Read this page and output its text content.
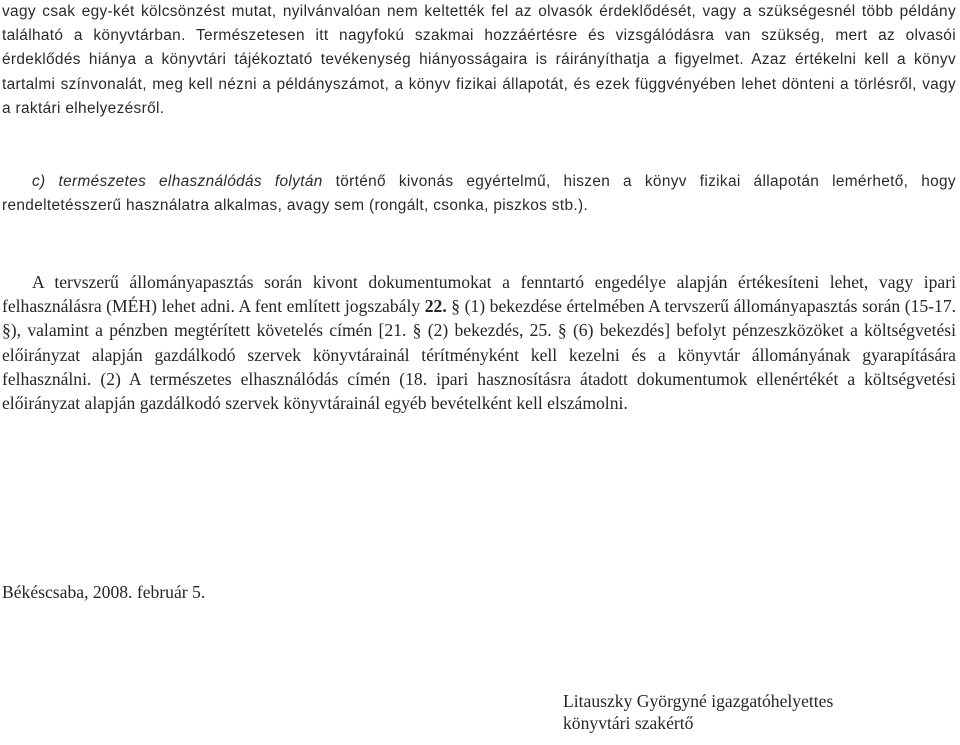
vagy csak egy-két kölcsönzést mutat, nyilvánvalóan nem keltették fel az olvasók érdeklődését, vagy a szükségesnél több példány található a könyvtárban. Természetesen itt nagyfokú szakmai hozzáértésre és vizsgálódásra van szükség, mert az olvasói érdeklődés hiánya a könyvtári tájékoztató tevékenység hiányosságaira is ráirányíthatja a figyelmet. Azaz értékelni kell a könyv tartalmi színvonalát, meg kell nézni a példányszámot, a könyv fizikai állapotát, és ezek függvényében lehet dönteni a törlésről, vagy a raktári elhelyezésről.

c) természetes elhasználódás folytán történő kivonás egyértelmű, hiszen a könyv fizikai állapotán lemérhető, hogy rendeltetésszerű használatra alkalmas, avagy sem (rongált, csonka, piszkos stb.).

A tervszerű állományapasztás során kivont dokumentumokat a fenntartó engedélye alapján értékesíteni lehet, vagy ipari felhasználásra (MÉH) lehet adni. A fent említett jogszabály 22. § (1) bekezdése értelmében A tervszerű állományapasztás során (15-17. §), valamint a pénzben megtérített követelés címén [21. § (2) bekezdés, 25. § (6) bekezdés] befolyt pénzeszközöket a költségvetési előirányzat alapján gazdálkodó szervek könyvtárainál térítményként kell kezelni és a könyvtár állományának gyarapítására felhasználni. (2) A természetes elhasználódás címén (18. ipari hasznosításra átadott dokumentumok ellenértékét a költségvetési előirányzat alapján gazdálkodó szervek könyvtárainál egyéb bevételként kell elszámolni.

Békéscsaba, 2008. február 5.
Litauszky Györgyné igazgatóhelyettes
könyvtári szakértő
